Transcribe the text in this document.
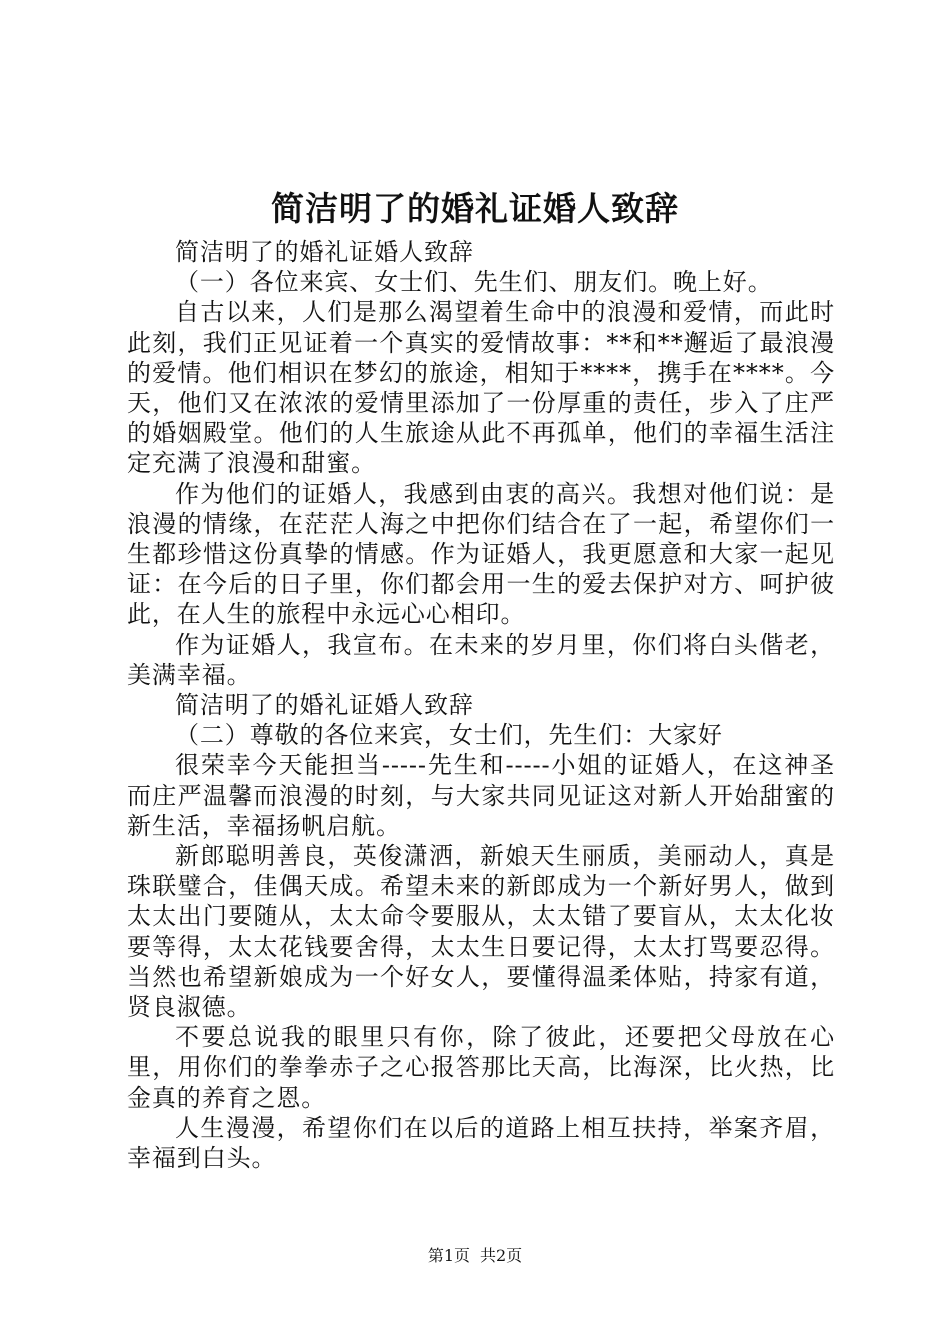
简洁明了的婚礼证婚人致辞

简洁明了的婚礼证婚人致辞

（一）各位来宾、女士们、先生们、朋友们。晚上好。

自古以来，人们是那么渴望着生命中的浪漫和爱情，而此时此刻，我们正见证着一个真实的爱情故事：**和**邂逅了最浪漫的爱情。他们相识在梦幻的旅途，相知于****，携手在****。今天，他们又在浓浓的爱情里添加了一份厚重的责任，步入了庄严的婚姻殿堂。他们的人生旅途从此不再孤单，他们的幸福生活注定充满了浪漫和甜蜜。

作为他们的证婚人，我感到由衷的高兴。我想对他们说：是浪漫的情缘，在茫茫人海之中把你们结合在了一起，希望你们一生都珍惜这份真挚的情感。作为证婚人，我更愿意和大家一起见证：在今后的日子里，你们都会用一生的爱去保护对方、呵护彼此，在人生的旅程中永远心心相印。

作为证婚人，我宣布。在未来的岁月里，你们将白头偕老，美满幸福。

简洁明了的婚礼证婚人致辞

（二）尊敬的各位来宾，女士们，先生们：大家好

很荣幸今天能担当-----先生和-----小姐的证婚人，在这神圣而庄严温馨而浪漫的时刻，与大家共同见证这对新人开始甜蜜的新生活，幸福扬帆启航。

新郎聪明善良，英俊潇洒，新娘天生丽质，美丽动人，真是珠联璧合，佳偶天成。希望未来的新郎成为一个新好男人，做到太太出门要随从，太太命令要服从，太太错了要盲从，太太化妆要等得，太太花钱要舍得，太太生日要记得，太太打骂要忍得。当然也希望新娘成为一个好女人，要懂得温柔体贴，持家有道，贤良淑德。

不要总说我的眼里只有你，除了彼此，还要把父母放在心里，用你们的拳拳赤子之心报答那比天高，比海深，比火热，比金真的养育之恩。

人生漫漫，希望你们在以后的道路上相互扶持，举案齐眉，幸福到白头。

第1页 共2页
